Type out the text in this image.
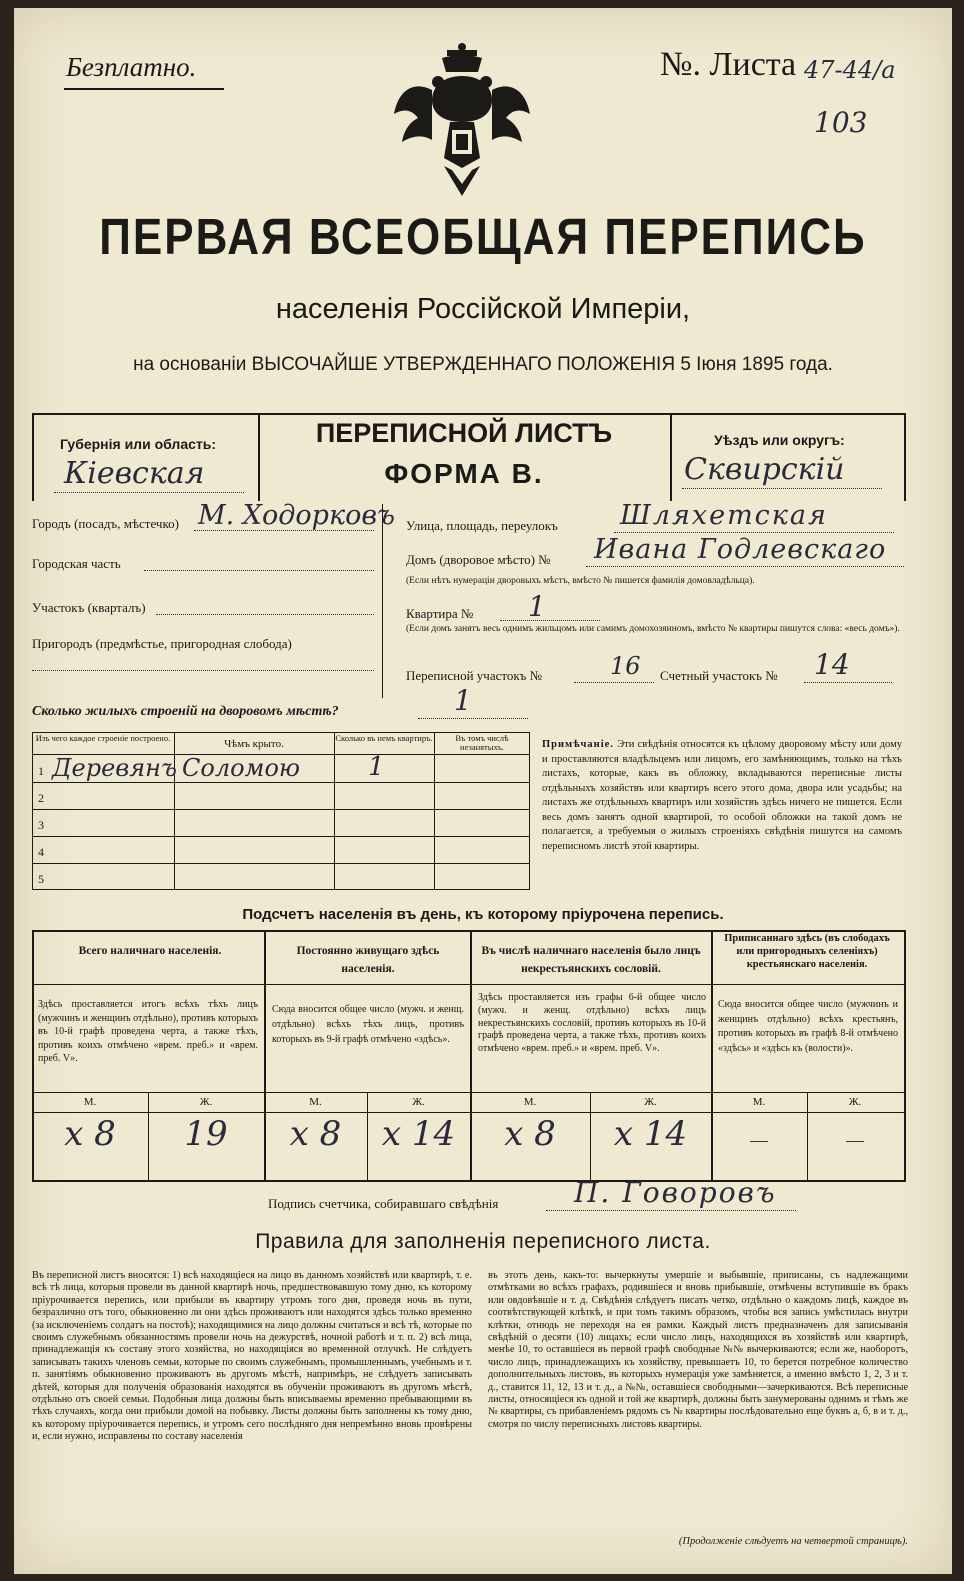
Безплатно.	№. Листа 47-44/а
103
ПЕРВАЯ ВСЕОБЩАЯ ПЕРЕПИСЬ
населенія Россійской Имперіи,
на основаніи ВЫСОЧАЙШЕ УТВЕРЖДЕННАГО ПОЛОЖЕНІЯ 5 Іюня 1895 года.
Губернія или область:
Кіевская
ПЕРЕПИСНОЙ ЛИСТЪ
ФОРМА В.
Уѣздъ или округъ:
Сквирскій
Городъ (посадъ, мѣстечко) М. Ходорковъ
Городская часть
Участокъ (кварталъ)
Пригородъ (предмѣстье, пригородная слобода)
Улица, площадь, переулокъ Шляхетская
Домъ (дворовое мѣсто) № Ивана Годлевскаго
(Если нѣтъ нумераціи дворовыхъ мѣстъ, вмѣсто № пишется фамилія домовладѣльца).
Квартира № 1
(Если домъ занятъ весь однимъ жильцомъ или самимъ домохозяиномъ, вмѣсто № квартиры пишутся слова: «весь домъ»).
Переписной участокъ №	16 Счетный участокъ № 14
Сколько жилыхъ строеній на дворовомъ мѣстѣ?	1
Изъ чего каждое строеніе построено.	Чѣмъ крыто.	Сколько въ немъ квартиръ.	Въ томъ числѣ незанятыхъ.
1 Деревянъ Соломою	1
2
3
4
5
Примѣчаніе. Эти свѣдѣнія относятся къ цѣлому дворовому мѣсту или дому и проставляются владѣльцемъ или лицомъ, его замѣняющимъ, только на тѣхъ листахъ, которые, какъ въ обложку, вкладываются переписные листы отдѣльныхъ хозяйствъ или квартиръ всего этого дома, двора или усадьбы; на листахъ же отдѣльныхъ квартиръ или хозяйствъ здѣсь ничего не пишется. Если весь домъ занятъ одной квартирой, то особой обложки на такой домъ не полагается, а требуемыя о жилыхъ строеніяхъ свѣдѣнія пишутся на самомъ переписномъ листѣ этой квартиры.
Подсчетъ населенія въ день, къ которому пріурочена перепись.
Всего наличнаго населенія.
Здѣсь проставляется итогъ всѣхъ тѣхъ лицъ (мужчинъ и женщинъ отдѣльно), противъ которыхъ въ 10-й графѣ проведена черта, а также тѣхъ, противъ коихъ отмѣчено «врем. преб.» и «врем. преб. V».
М.	Ж.
х 8	19
Постоянно живущаго здѣсь населенія.
Сюда вносится общее число (мужч. и женщ. отдѣльно) всѣхъ тѣхъ лицъ, противъ которыхъ въ 9-й графѣ отмѣчено «здѣсь».
М.	Ж.
х 8	х 14
Въ числѣ наличнаго населенія было лицъ некрестьянскихъ сословій.
Здѣсь проставляется изъ графы 6-й общее число (мужч. и женщ. отдѣльно) всѣхъ лицъ некрестьянскихъ сословій, противъ которыхъ въ 10-й графѣ проведена черта, а также тѣхъ, противъ коихъ отмѣчено «врем. преб.» и «врем. преб. V».
М.	Ж.
х 8	х 14
Приписаннаго здѣсь (въ слободахъ или пригородныхъ селеніяхъ) крестьянскаго населенія.
Сюда вносится общее число (мужчинъ и женщинъ отдѣльно) всѣхъ крестьянъ, противъ которыхъ въ графѣ 8-й отмѣчено «здѣсь» и «здѣсь къ (волости)».
М.	Ж.
—	—
Подпись счетчика, собиравшаго свѣдѣнія	П. Говоровъ
Правила для заполненія переписного листа.
Въ переписной листъ вносятся: 1) всѣ находящіеся на лицо въ данномъ хозяйствѣ или квартирѣ, т. е. всѣ тѣ лица, которыя провели въ данной квартирѣ ночь, предшествовавшую тому дню, къ которому пріурочивается перепись, или прибыли въ квартиру утромъ того дня, проведя ночь въ пути, безразлично отъ того, обыкновенно ли они здѣсь проживаютъ или находятся здѣсь только временно (за исключеніемъ солдатъ на постоѣ); находящимися на лицо должны считаться и всѣ тѣ, которые по своимъ служебнымъ обязанностямъ провели ночь на дежурствѣ, ночной работѣ и т. п. 2) всѣ лица, принадлежащія къ составу этого хозяйства, но находящіяся во временной отлучкѣ. Не слѣдуетъ записывать такихъ членовъ семьи, которые по своимъ служебнымъ, промышленнымъ, учебнымъ и т. п. занятіямъ обыкновенно проживаютъ въ другомъ мѣстѣ, напримѣръ, не слѣдуетъ записывать дѣтей, которыя для полученія образованія находятся въ обученіи проживаютъ въ другомъ мѣстѣ, отдѣльно отъ своей семьи. Подобныя лица должны быть вписываемы временно пребывающими въ тѣхъ случаяхъ, когда они прибыли домой на побывку. Листы должны быть заполнены къ тому дню, къ которому пріурочивается перепись, и утромъ сего послѣдняго дня непремѣнно вновь провѣрены и, если нужно, исправлены по составу населенія
въ этотъ день, какъ-то: вычеркнуты умершіе и выбывшіе, приписаны, съ надлежащими отмѣтками во всѣхъ графахъ, родившіеся и вновь прибывшіе, отмѣчены вступившіе въ бракъ или овдовѣвшіе и т. д. Свѣдѣнія слѣдуетъ писать четко, отдѣльно о каждомъ лицѣ, каждое въ соотвѣтствующей клѣткѣ, и при томъ такимъ образомъ, чтобы вся запись умѣстилась внутри клѣтки, отнюдь не переходя на ея рамки. Каждый листъ предназначенъ для записыванія свѣдѣній о десяти (10) лицахъ; если число лицъ, находящихся въ хозяйствѣ или квартирѣ, менѣе 10, то оставшіеся въ первой графѣ свободные №№ вычеркиваются; если же, наоборотъ, число лицъ, принадлежащихъ къ хозяйству, превышаетъ 10, то берется потребное количество дополнительныхъ листовъ, въ которыхъ нумерація уже замѣняется, а именно вмѣсто 1, 2, 3 и т. д., ставится 11, 12, 13 и т. д., а №№, оставшіеся свободными—зачеркиваются. Всѣ переписные листы, относящіеся къ одной и той же квартирѣ, должны быть занумерованы однимъ и тѣмъ же № квартиры, съ прибавленіемъ рядомъ съ № квартиры послѣдовательно еще буквъ а, б, в и т. д., смотря по числу переписныхъ листовъ квартиры.
(Продолженіе слѣдуетъ на четвертой страницѣ).
